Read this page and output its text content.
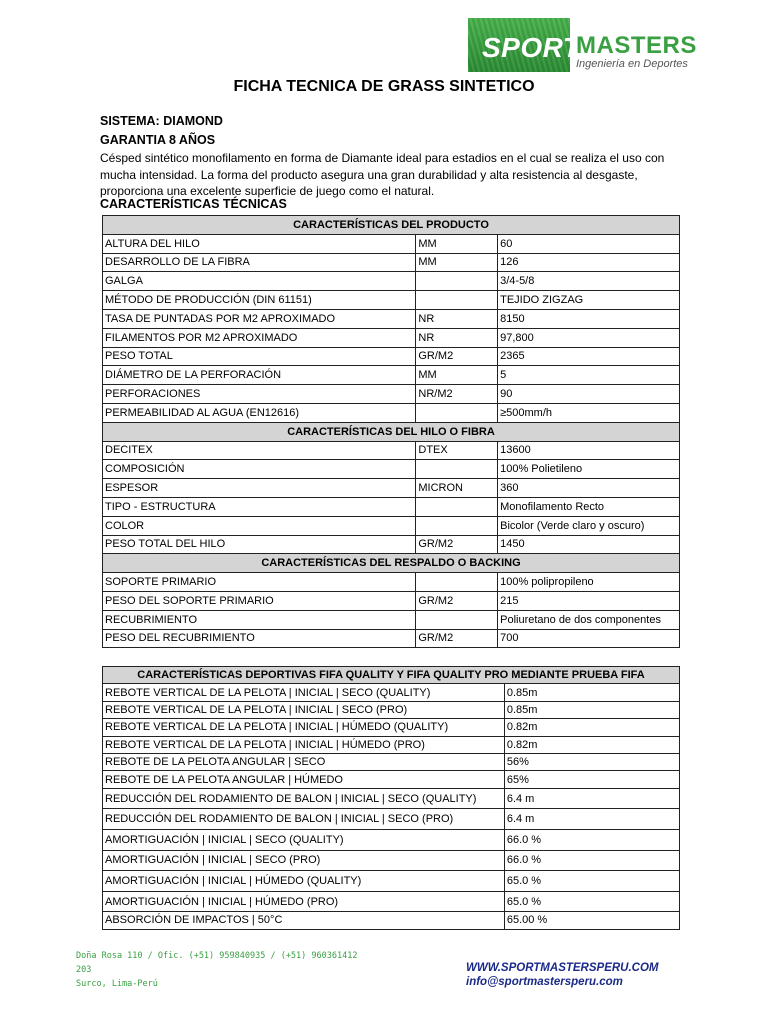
SPORT
MASTERS
Ingeniería en Deportes
FICHA TECNICA DE GRASS SINTETICO
SISTEMA: DIAMOND
GARANTIA 8 AÑOS
Césped sintético monofilamento en forma de Diamante ideal para estadios en el cual se realiza el uso con mucha intensidad. La forma del producto asegura una gran durabilidad y alta resistencia al desgaste, proporciona una excelente superficie de juego como el natural.
CARACTERÍSTICAS TÉCNICAS
CARACTERÍSTICAS DEL PRODUCTO		
ALTURA DEL HILO	MM	60
DESARROLLO DE LA FIBRA	MM	126
GALGA		3/4-5/8
MÉTODO DE PRODUCCIÓN (DIN 61151)		TEJIDO ZIGZAG
TASA DE PUNTADAS POR M2 APROXIMADO	NR	8150
FILAMENTOS POR M2 APROXIMADO	NR	97,800
PESO TOTAL	GR/M2	2365
DIÁMETRO DE LA PERFORACIÓN	MM	5
PERFORACIONES	NR/M2	90
PERMEABILIDAD AL AGUA (EN12616)		≥500mm/h
CARACTERÍSTICAS DEL HILO O FIBRA		
DECITEX	DTEX	13600
COMPOSICIÓN		100% Polietileno
ESPESOR	MICRON	360
TIPO - ESTRUCTURA		Monofilamento Recto
COLOR		Bicolor (Verde claro y oscuro)
PESO TOTAL DEL HILO	GR/M2	1450
CARACTERÍSTICAS DEL RESPALDO O BACKING		
SOPORTE PRIMARIO		100% polipropileno
PESO DEL SOPORTE PRIMARIO	GR/M2	215
RECUBRIMIENTO		Poliuretano de dos componentes
PESO DEL RECUBRIMIENTO	GR/M2	700
CARACTERÍSTICAS DEPORTIVAS FIFA QUALITY Y FIFA QUALITY PRO MEDIANTE PRUEBA FIFA	
REBOTE VERTICAL DE LA PELOTA | INICIAL | SECO (QUALITY)	0.85m
REBOTE VERTICAL DE LA PELOTA | INICIAL | SECO (PRO)	0.85m
REBOTE VERTICAL DE LA PELOTA | INICIAL | HÚMEDO (QUALITY)	0.82m
REBOTE VERTICAL DE LA PELOTA | INICIAL | HÚMEDO (PRO)	0.82m
REBOTE DE LA PELOTA ANGULAR | SECO	56%
REBOTE DE LA PELOTA ANGULAR | HÚMEDO	65%
REDUCCIÓN DEL RODAMIENTO DE BALON | INICIAL | SECO (QUALITY)	6.4 m
REDUCCIÓN DEL RODAMIENTO DE BALON | INICIAL | SECO (PRO)	6.4 m
AMORTIGUACIÓN | INICIAL | SECO (QUALITY)	66.0 %
AMORTIGUACIÓN | INICIAL | SECO (PRO)	66.0 %
AMORTIGUACIÓN | INICIAL | HÚMEDO (QUALITY)	65.0 %
AMORTIGUACIÓN | INICIAL | HÚMEDO (PRO)	65.0 %
ABSORCIÓN DE IMPACTOS | 50°C	65.00 %
Doña Rosa 110 / Ofic. (+51) 959840935 / (+51) 960361412
203
Surco, Lima-Perú
WWW.SPORTMASTERSPERU.COM
info@sportmastersperu.com
